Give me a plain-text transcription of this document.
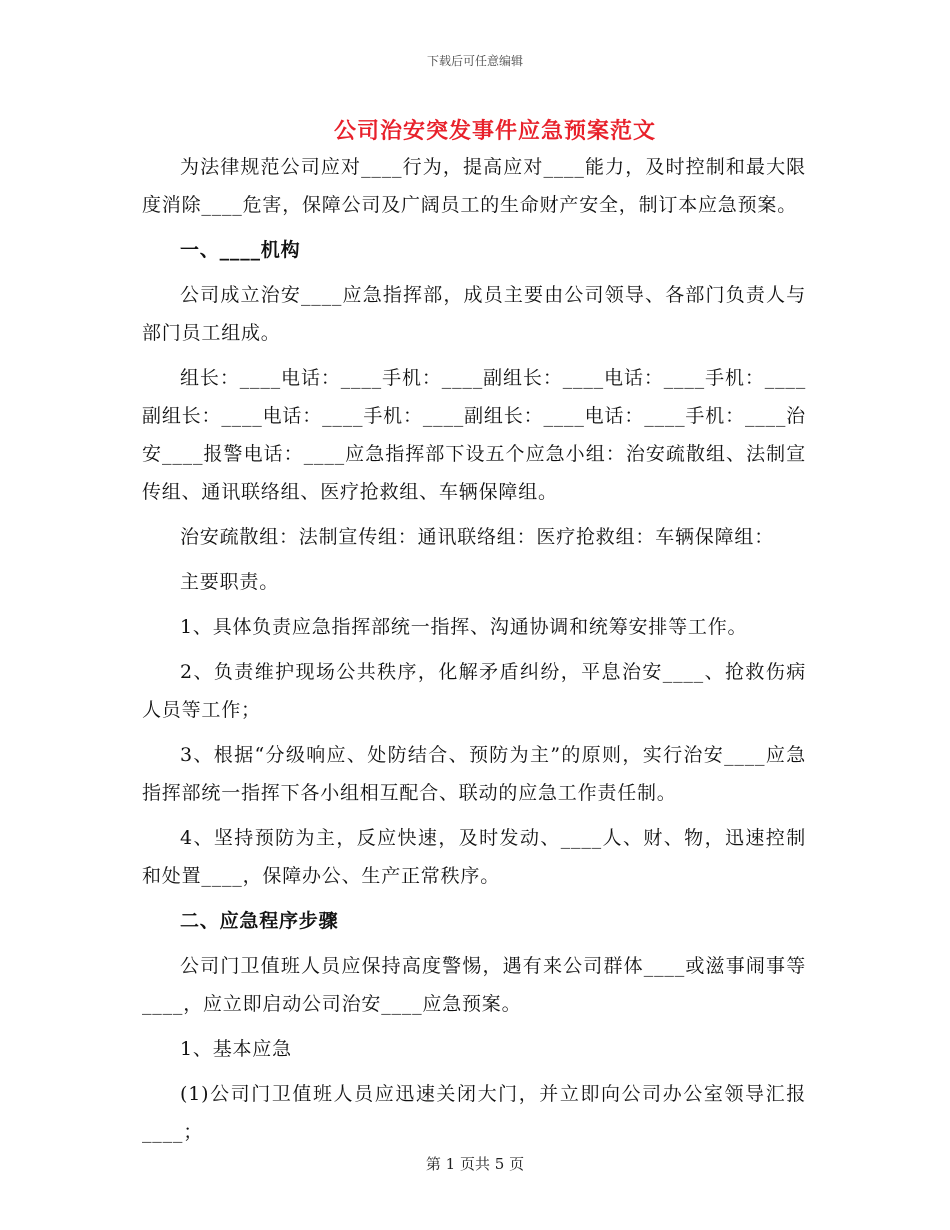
下载后可任意编辑
公司治安突发事件应急预案范文

为法律规范公司应对____行为，提高应对____能力，及时控制和最大限度消除____危害，保障公司及广阔员工的生命财产安全，制订本应急预案。

一、____机构

公司成立治安____应急指挥部，成员主要由公司领导、各部门负责人与部门员工组成。

组长：____电话：____手机：____副组长：____电话：____手机：____副组长：____电话：____手机：____副组长：____电话：____手机：____治安____报警电话：____应急指挥部下设五个应急小组：治安疏散组、法制宣传组、通讯联络组、医疗抢救组、车辆保障组。

治安疏散组：法制宣传组：通讯联络组：医疗抢救组：车辆保障组：

主要职责。

1、具体负责应急指挥部统一指挥、沟通协调和统筹安排等工作。

2、负责维护现场公共秩序，化解矛盾纠纷，平息治安____、抢救伤病人员等工作；

3、根据“分级响应、处防结合、预防为主”的原则，实行治安____应急指挥部统一指挥下各小组相互配合、联动的应急工作责任制。

4、坚持预防为主，反应快速，及时发动、____人、财、物，迅速控制和处置____，保障办公、生产正常秩序。

二、应急程序步骤

公司门卫值班人员应保持高度警惕，遇有来公司群体____或滋事闹事等____，应立即启动公司治安____应急预案。

1、基本应急

(1)公司门卫值班人员应迅速关闭大门，并立即向公司办公室领导汇报____；

第 1 页共 5 页
